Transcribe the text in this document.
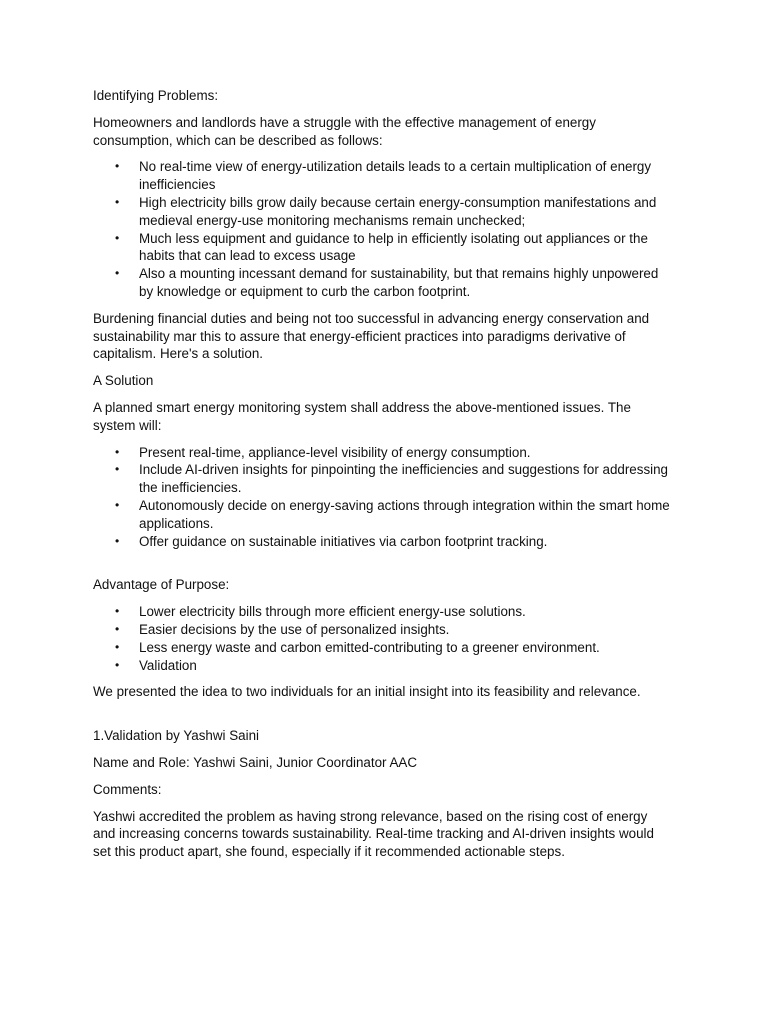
Identifying Problems:

Homeowners and landlords have a struggle with the effective management of energy consumption, which can be described as follows:

• No real-time view of energy-utilization details leads to a certain multiplication of energy inefficiencies
• High electricity bills grow daily because certain energy-consumption manifestations and medieval energy-use monitoring mechanisms remain unchecked;
• Much less equipment and guidance to help in efficiently isolating out appliances or the habits that can lead to excess usage
• Also a mounting incessant demand for sustainability, but that remains highly unpowered by knowledge or equipment to curb the carbon footprint.

Burdening financial duties and being not too successful in advancing energy conservation and sustainability mar this to assure that energy-efficient practices into paradigms derivative of capitalism. Here's a solution.

A Solution

A planned smart energy monitoring system shall address the above-mentioned issues. The system will:

• Present real-time, appliance-level visibility of energy consumption.
• Include AI-driven insights for pinpointing the inefficiencies and suggestions for addressing the inefficiencies.
• Autonomously decide on energy-saving actions through integration within the smart home applications.
• Offer guidance on sustainable initiatives via carbon footprint tracking.

Advantage of Purpose:

• Lower electricity bills through more efficient energy-use solutions.
• Easier decisions by the use of personalized insights.
• Less energy waste and carbon emitted-contributing to a greener environment.
• Validation

We presented the idea to two individuals for an initial insight into its feasibility and relevance.

1.Validation by Yashwi Saini

Name and Role: Yashwi Saini, Junior Coordinator AAC

Comments:

Yashwi accredited the problem as having strong relevance, based on the rising cost of energy and increasing concerns towards sustainability. Real-time tracking and AI-driven insights would set this product apart, she found, especially if it recommended actionable steps.
